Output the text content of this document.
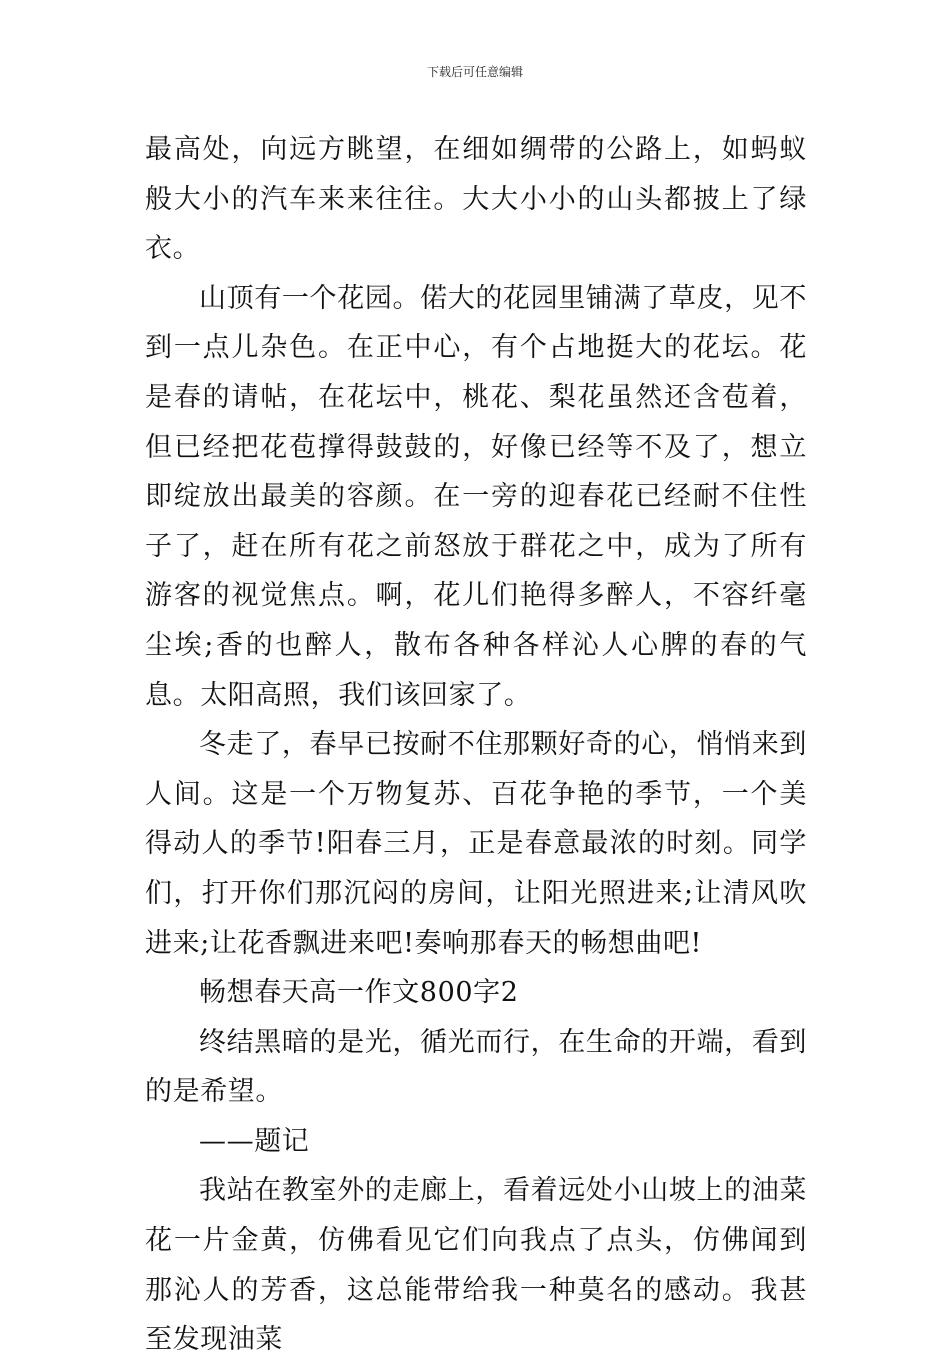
下载后可任意编辑

最高处，向远方眺望，在细如绸带的公路上，如蚂蚁般大小的汽车来来往往。大大小小的山头都披上了绿衣。

山顶有一个花园。偌大的花园里铺满了草皮，见不到一点儿杂色。在正中心，有个占地挺大的花坛。花是春的请帖，在花坛中，桃花、梨花虽然还含苞着，但已经把花苞撑得鼓鼓的，好像已经等不及了，想立即绽放出最美的容颜。在一旁的迎春花已经耐不住性子了，赶在所有花之前怒放于群花之中，成为了所有游客的视觉焦点。啊，花儿们艳得多醉人，不容纤毫尘埃;香的也醉人，散布各种各样沁人心脾的春的气息。太阳高照，我们该回家了。

冬走了，春早已按耐不住那颗好奇的心，悄悄来到人间。这是一个万物复苏、百花争艳的季节，一个美得动人的季节!阳春三月，正是春意最浓的时刻。同学们，打开你们那沉闷的房间，让阳光照进来;让清风吹进来;让花香飘进来吧!奏响那春天的畅想曲吧!

畅想春天高一作文800字2

终结黑暗的是光，循光而行，在生命的开端，看到的是希望。

——题记

我站在教室外的走廊上，看着远处小山坡上的油菜花一片金黄，仿佛看见它们向我点了点头，仿佛闻到那沁人的芳香，这总能带给我一种莫名的感动。我甚至发现油菜
